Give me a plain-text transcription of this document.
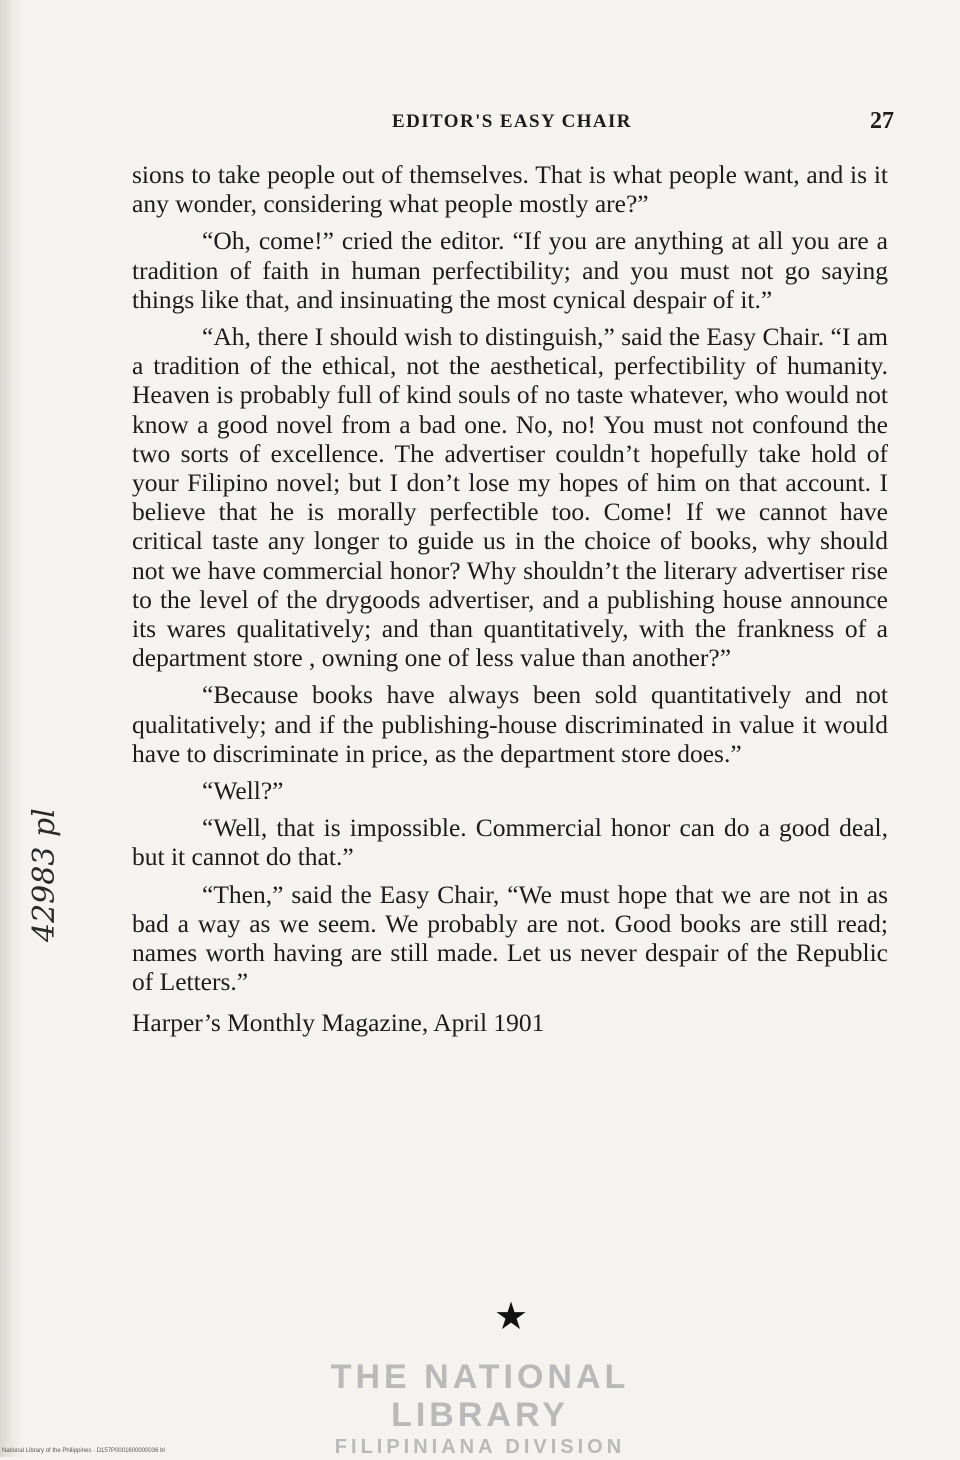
EDITOR'S EASY CHAIR	27

sions to take people out of themselves. That is what people want, and is it any wonder, considering what people mostly are?”

“Oh, come!” cried the editor. “If you are anything at all you are a tradition of faith in human perfectibility; and you must not go saying things like that, and insinuating the most cynical despair of it.”

“Ah, there I should wish to distinguish,” said the Easy Chair. “I am a tradition of the ethical, not the aesthetical, perfectibility of humanity. Heaven is probably full of kind souls of no taste whatever, who would not know a good novel from a bad one. No, no! You must not confound the two sorts of excellence. The advertiser couldn’t hopefully take hold of your Filipino novel; but I don’t lose my hopes of him on that account. I believe that he is morally perfectible too. Come! If we cannot have critical taste any longer to guide us in the choice of books, why should not we have commercial honor? Why shouldn’t the literary advertiser rise to the level of the drygoods advertiser, and a publishing house announce its wares qualitatively; and than quantitatively, with the frankness of a department store , owning one of less value than another?”

“Because books have always been sold quantitatively and not qualitatively; and if the publishing-house discriminated in value it would have to discriminate in price, as the department store does.”

“Well?”

“Well, that is impossible. Commercial honor can do a good deal, but it cannot do that.”

“Then,” said the Easy Chair, “We must hope that we are not in as bad a way as we seem. We probably are not. Good books are still read; names worth having are still made. Let us never despair of the Republic of Letters.”

Harper’s Monthly Magazine, April 1901

★
THE NATIONAL LIBRARY
FILIPINIANA DIVISION
42983 pl
National Library of the Philippines · D157P0001600000036 bl
